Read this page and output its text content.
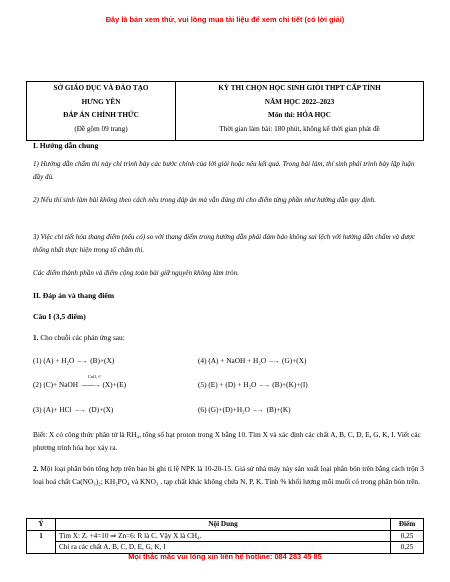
Đây là bản xem thử, vui lòng mua tài liệu để xem chi tiết (có lời giải)
SỞ GIÁO DỤC VÀ ĐÀO TẠO
HƯNG YÊN
ĐÁP ÁN CHÍNH THỨC
(Đề gồm 09 trang)

KỲ THI CHỌN HỌC SINH GIỎI THPT CẤP TỈNH
NĂM HỌC 2022–2023
Môn thi: HÓA HỌC
Thời gian làm bài: 180 phút, không kể thời gian phát đề
I. Hướng dẫn chung
1) Hướng dẫn chấm thi này chỉ trình bày các bước chính của lời giải hoặc nêu kết quả. Trong bài làm, thí sinh phải trình bày lập luận đầy đủ.
2) Nếu thí sinh làm bài không theo cách nêu trong đáp án mà vẫn đúng thì cho điểm từng phần như hướng dẫn quy định.
3) Việc chi tiết hóa thang điểm (nếu có) so với thang điểm trong hướng dẫn phải đảm bảo không sai lệch với hướng dẫn chấm và được thống nhất thực hiện trong tổ chấm thi.
Các điểm thành phần và điểm cộng toàn bài giữ nguyên không làm tròn.
II. Đáp án và thang điểm
Câu I (3,5 điểm)
1. Cho chuỗi các phản ứng sau:
(1) (A) + H₂O   – →   (B)+(X)	(4) (A) + NaOH + H₂O   – →   (G)+(X)
(2) (C)+ NaOH
CaO, t°
–––––→  (X)+(E)	(5) (E) + (D) + H₂O   – →   (B)+(K)+(I)
(3) (A)+ HCl    – →    (D)+(X)	(6) (G)+(D)+H₂O   – →    (B)+(K)
Biết: X có công thức phân tử là RH₄, tổng số hạt proton trong X bằng 10. Tìm X và xác định các chất A, B, C, D, E, G, K, I. Viết các phương trình hóa học xảy ra.
2. Một loại phân bón tổng hợp trên bao bì ghi tỉ lệ NPK là 10-20-15. Giả sử nhà máy này sản xuất loại phân bón trên bằng cách trộn 3 loại hoá chất Ca(NO₃)₂; KH₂PO₄ và KNO₃ , tạp chất khác không chứa N, P, K. Tính % khối lượng mỗi muối có trong phân bón trên.
Ý	Nội Dung	Điểm
1	Tìm X: Zᵣ +4=10 ⇒ Zn=6: R là C. Vậy X là CH₄.	0,25
	Chỉ ra các chất A, B, C, D, E, G, K, I	0,25
Mọi thắc mắc vui lòng xin liên hệ hotline: 084 283 45 85
